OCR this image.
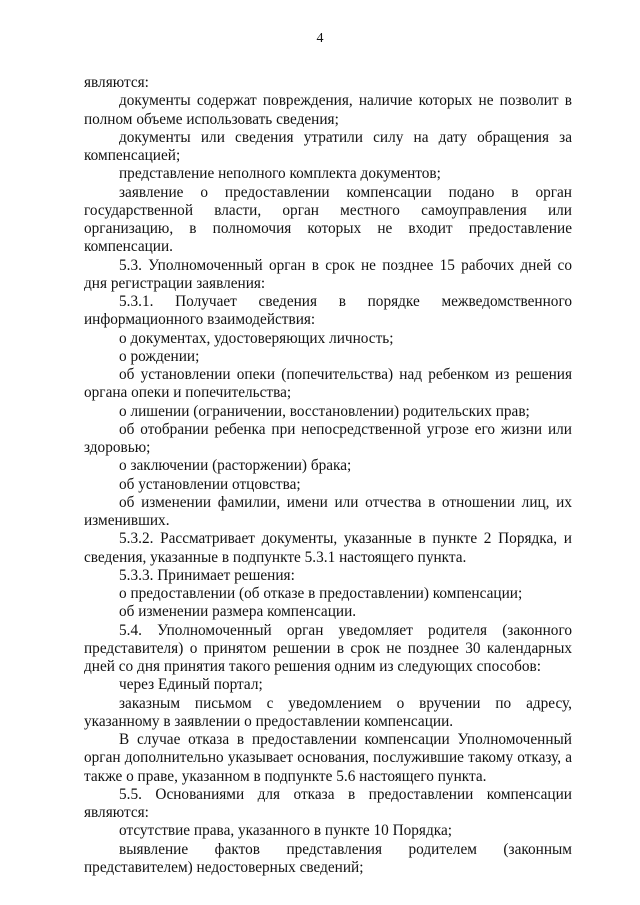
4

являются:

документы содержат повреждения, наличие которых не позволит в полном объеме использовать сведения;

документы или сведения утратили силу на дату обращения за компенсацией;

представление неполного комплекта документов;

заявление о предоставлении компенсации подано в орган государственной власти, орган местного самоуправления или организацию, в полномочия которых не входит предоставление компенсации.

5.3. Уполномоченный орган в срок не позднее 15 рабочих дней со дня регистрации заявления:

5.3.1. Получает сведения в порядке межведомственного информационного взаимодействия:

о документах, удостоверяющих личность;

о рождении;

об установлении опеки (попечительства) над ребенком из решения органа опеки и попечительства;

о лишении (ограничении, восстановлении) родительских прав;

об отобрании ребенка при непосредственной угрозе его жизни или здоровью;

о заключении (расторжении) брака;

об установлении отцовства;

об изменении фамилии, имени или отчества в отношении лиц, их изменивших.

5.3.2. Рассматривает документы, указанные в пункте 2 Порядка, и сведения, указанные в подпункте 5.3.1 настоящего пункта.

5.3.3. Принимает решения:

о предоставлении (об отказе в предоставлении) компенсации;

об изменении размера компенсации.

5.4. Уполномоченный орган уведомляет родителя (законного представителя) о принятом решении в срок не позднее 30 календарных дней со дня принятия такого решения одним из следующих способов:

через Единый портал;

заказным письмом с уведомлением о вручении по адресу, указанному в заявлении о предоставлении компенсации.

В случае отказа в предоставлении компенсации Уполномоченный орган дополнительно указывает основания, послужившие такому отказу, а также о праве, указанном в подпункте 5.6 настоящего пункта.

5.5. Основаниями для отказа в предоставлении компенсации являются:

отсутствие права, указанного в пункте 10 Порядка;

выявление фактов представления родителем (законным представителем) недостоверных сведений;
